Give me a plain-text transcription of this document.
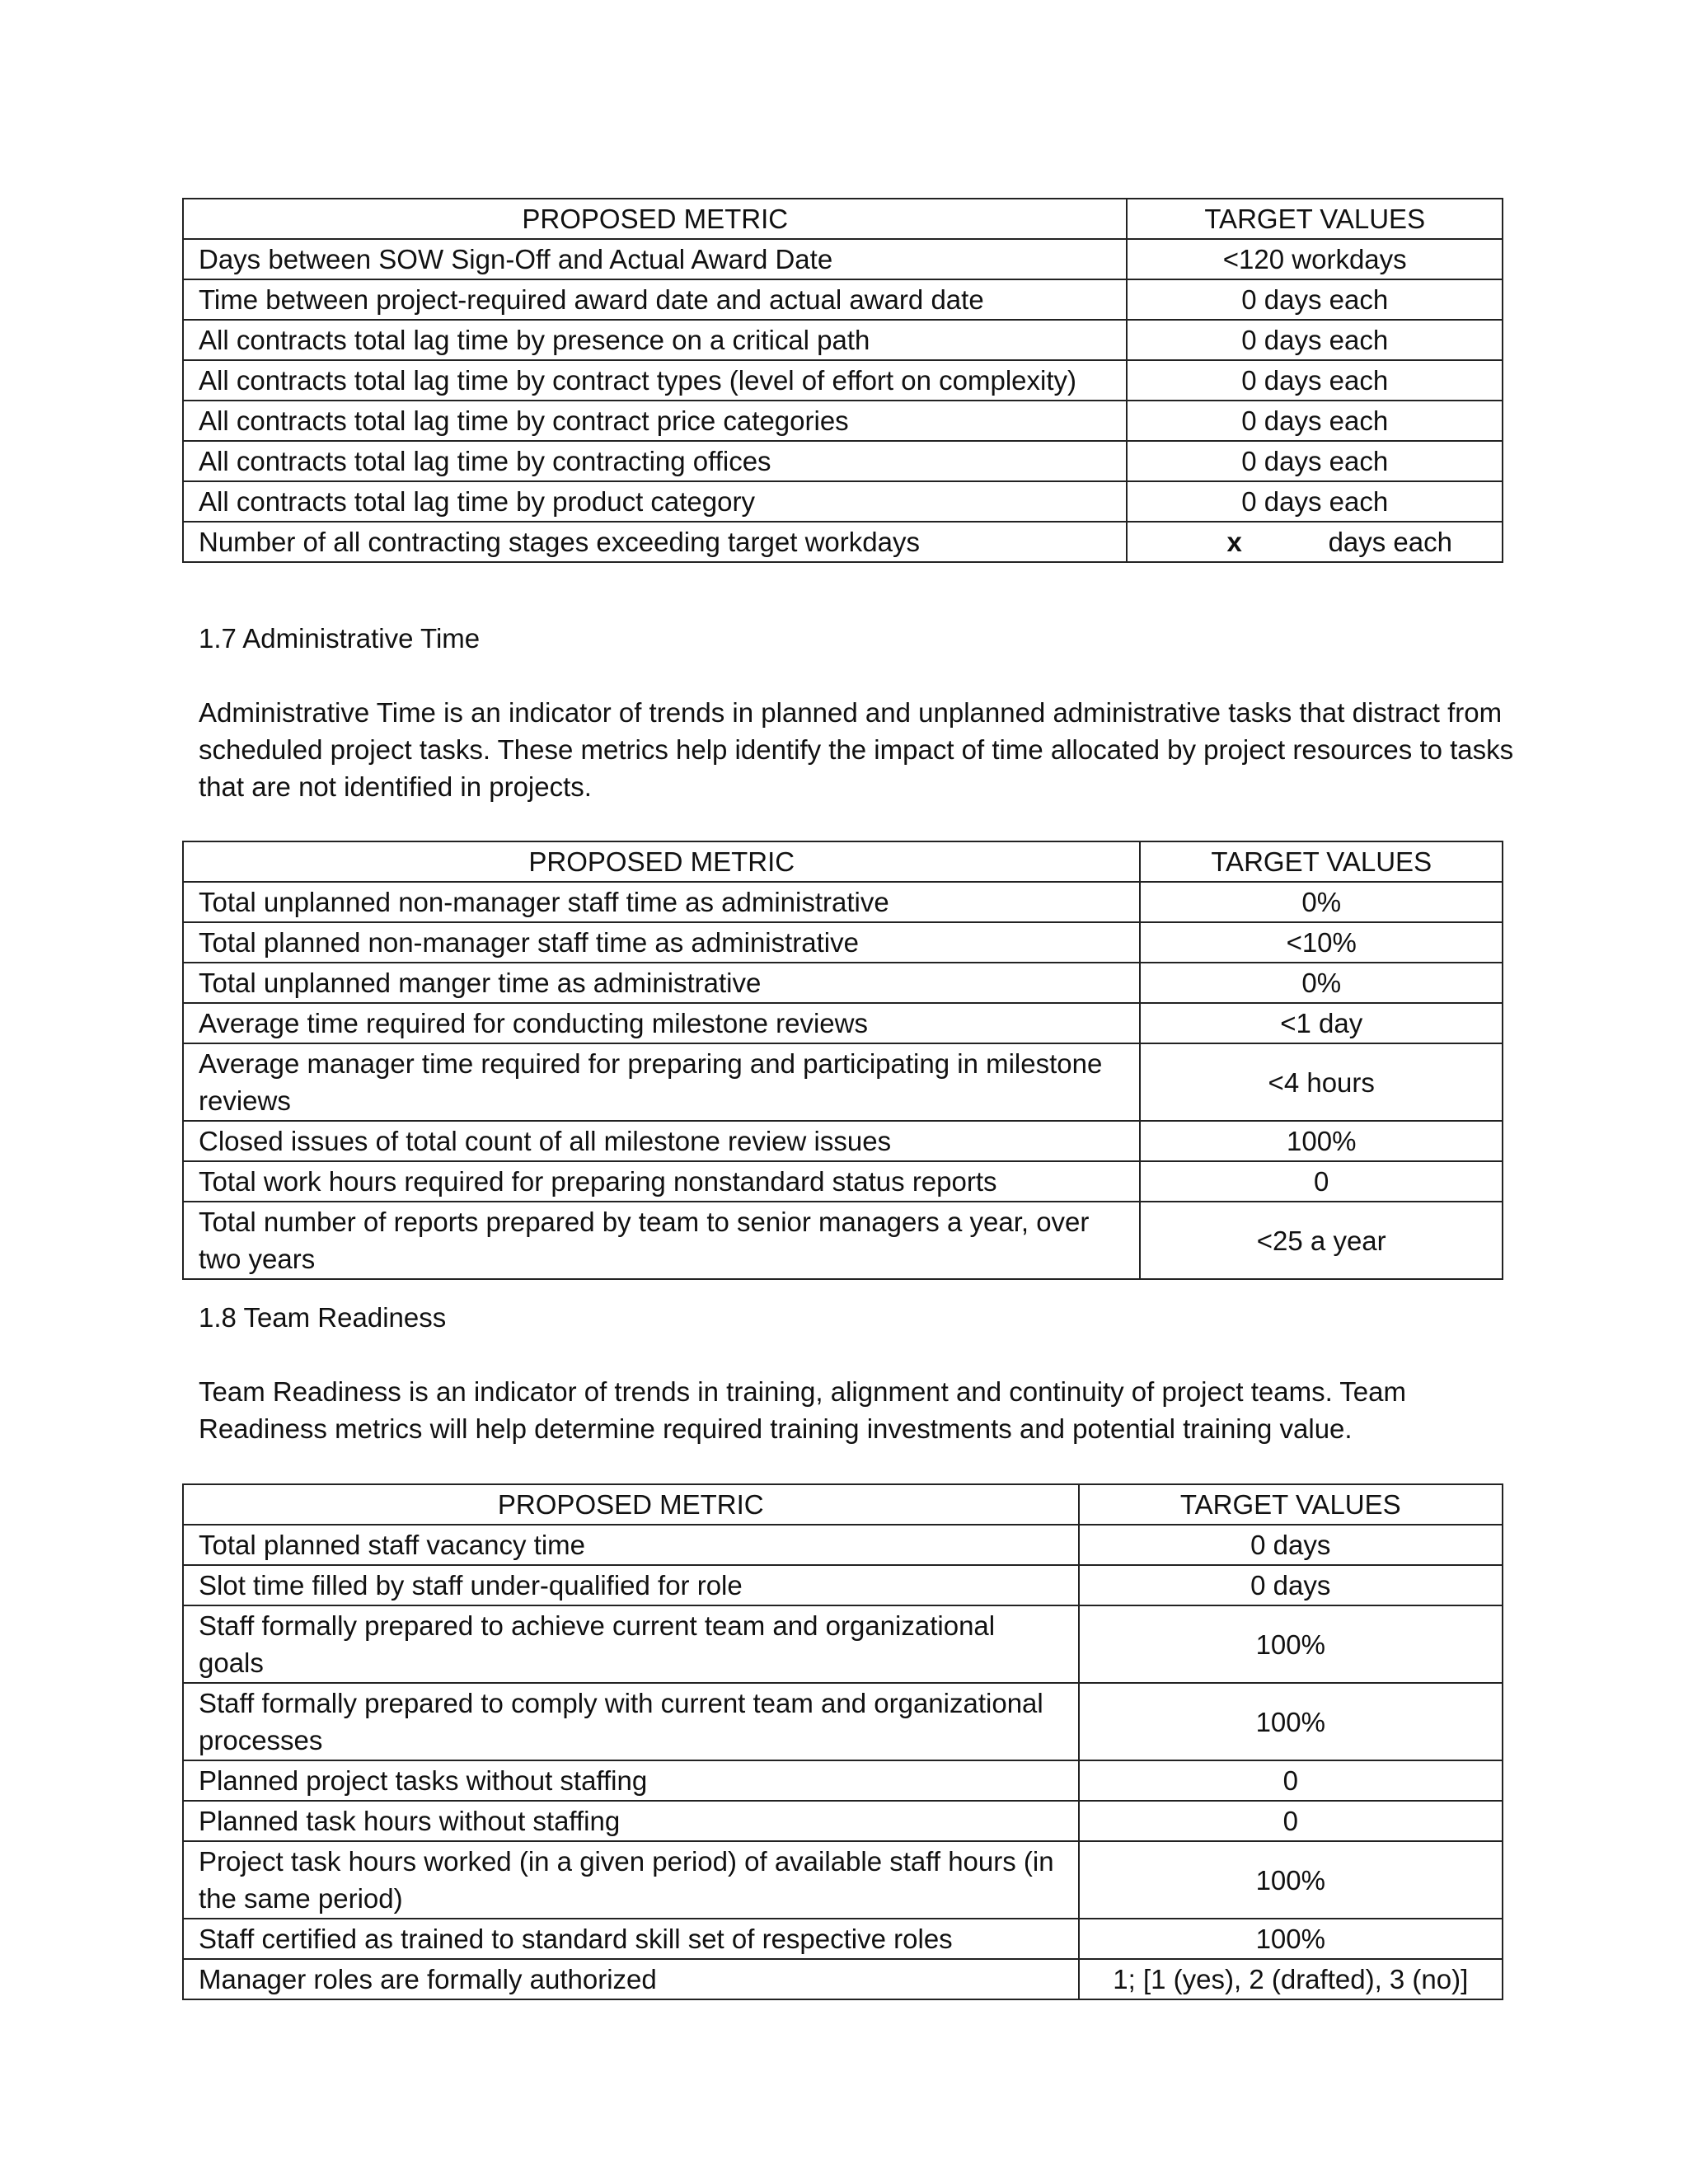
PROPOSED METRIC	TARGET VALUES
Days between SOW Sign-Off and Actual Award Date	<120 workdays
Time between project-required award date and actual award date	0 days each
All contracts total lag time by presence on a critical path	0 days each
All contracts total lag time by contract types (level of effort on complexity)	0 days each
All contracts total lag time by contract price categories	0 days each
All contracts total lag time by contracting offices	0 days each
All contracts total lag time by product category	0 days each
Number of all contracting stages exceeding target workdays	x days each
1.7 Administrative Time
Administrative Time is an indicator of trends in planned and unplanned administrative tasks that distract from scheduled project tasks. These metrics help identify the impact of time allocated by project resources to tasks that are not identified in projects.
PROPOSED METRIC	TARGET VALUES
Total unplanned non-manager staff time as administrative	0%
Total planned non-manager staff time as administrative	<10%
Total unplanned manger time as administrative	0%
Average time required for conducting milestone reviews	<1 day
Average manager time required for preparing and participating in milestone reviews	<4 hours
Closed issues of total count of all milestone review issues	100%
Total work hours required for preparing nonstandard status reports	0
Total number of reports prepared by team to senior managers a year, over two years	<25 a year
1.8 Team Readiness
Team Readiness is an indicator of trends in training, alignment and continuity of project teams. Team Readiness metrics will help determine required training investments and potential training value.
PROPOSED METRIC	TARGET VALUES
Total planned staff vacancy time	0 days
Slot time filled by staff under-qualified for role	0 days
Staff formally prepared to achieve current team and organizational goals	100%
Staff formally prepared to comply with current team and organizational processes	100%
Planned project tasks without staffing	0
Planned task hours without staffing	0
Project task hours worked (in a given period) of available staff hours (in the same period)	100%
Staff certified as trained to standard skill set of respective roles	100%
Manager roles are formally authorized	1; [1 (yes), 2 (drafted), 3 (no)]
